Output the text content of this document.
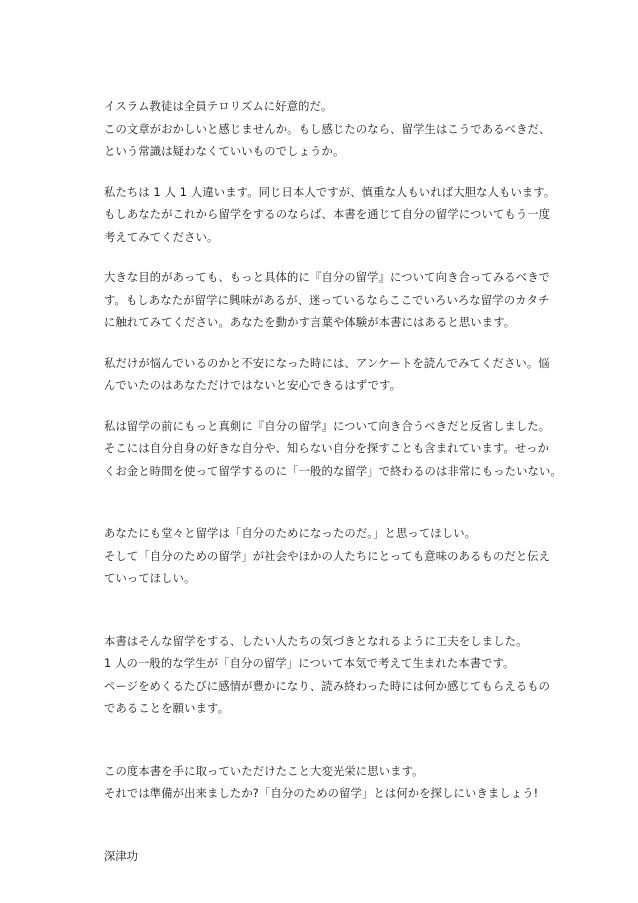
イスラム教徒は全員テロリズムに好意的だ。
この文章がおかしいと感じませんか。もし感じたのなら、留学生はこうであるべきだ、
という常識は疑わなくていいものでしょうか。
私たちは 1 人 1 人違います。同じ日本人ですが、慎重な人もいれば大胆な人もいます。
もしあなたがこれから留学をするのならば、本書を通じて自分の留学についてもう一度
考えてみてください。
大きな目的があっても、もっと具体的に『自分の留学』について向き合ってみるべきで
す。もしあなたが留学に興味があるが、迷っているならここでいろいろな留学のカタチ
に触れてみてください。あなたを動かす言葉や体験が本書にはあると思います。
私だけが悩んでいるのかと不安になった時には、アンケートを読んでみてください。悩
んでいたのはあなただけではないと安心できるはずです。
私は留学の前にもっと真剣に『自分の留学』について向き合うべきだと反省しました。
そこには自分自身の好きな自分や、知らない自分を探すことも含まれています。せっか
くお金と時間を使って留学するのに「一般的な留学」で終わるのは非常にもったいない。
あなたにも堂々と留学は「自分のためになったのだ。」と思ってほしい。
そして「自分のための留学」が社会やほかの人たちにとっても意味のあるものだと伝え
ていってほしい。
本書はそんな留学をする、したい人たちの気づきとなれるように工夫をしました。
1 人の一般的な学生が「自分の留学」について本気で考えて生まれた本書です。
ページをめくるたびに感情が豊かになり、読み終わった時には何か感じてもらえるもの
であることを願います。
この度本書を手に取っていただけたこと大変光栄に思います。
それでは準備が出来ましたか?「自分のための留学」とは何かを探しにいきましょう!
深津功
